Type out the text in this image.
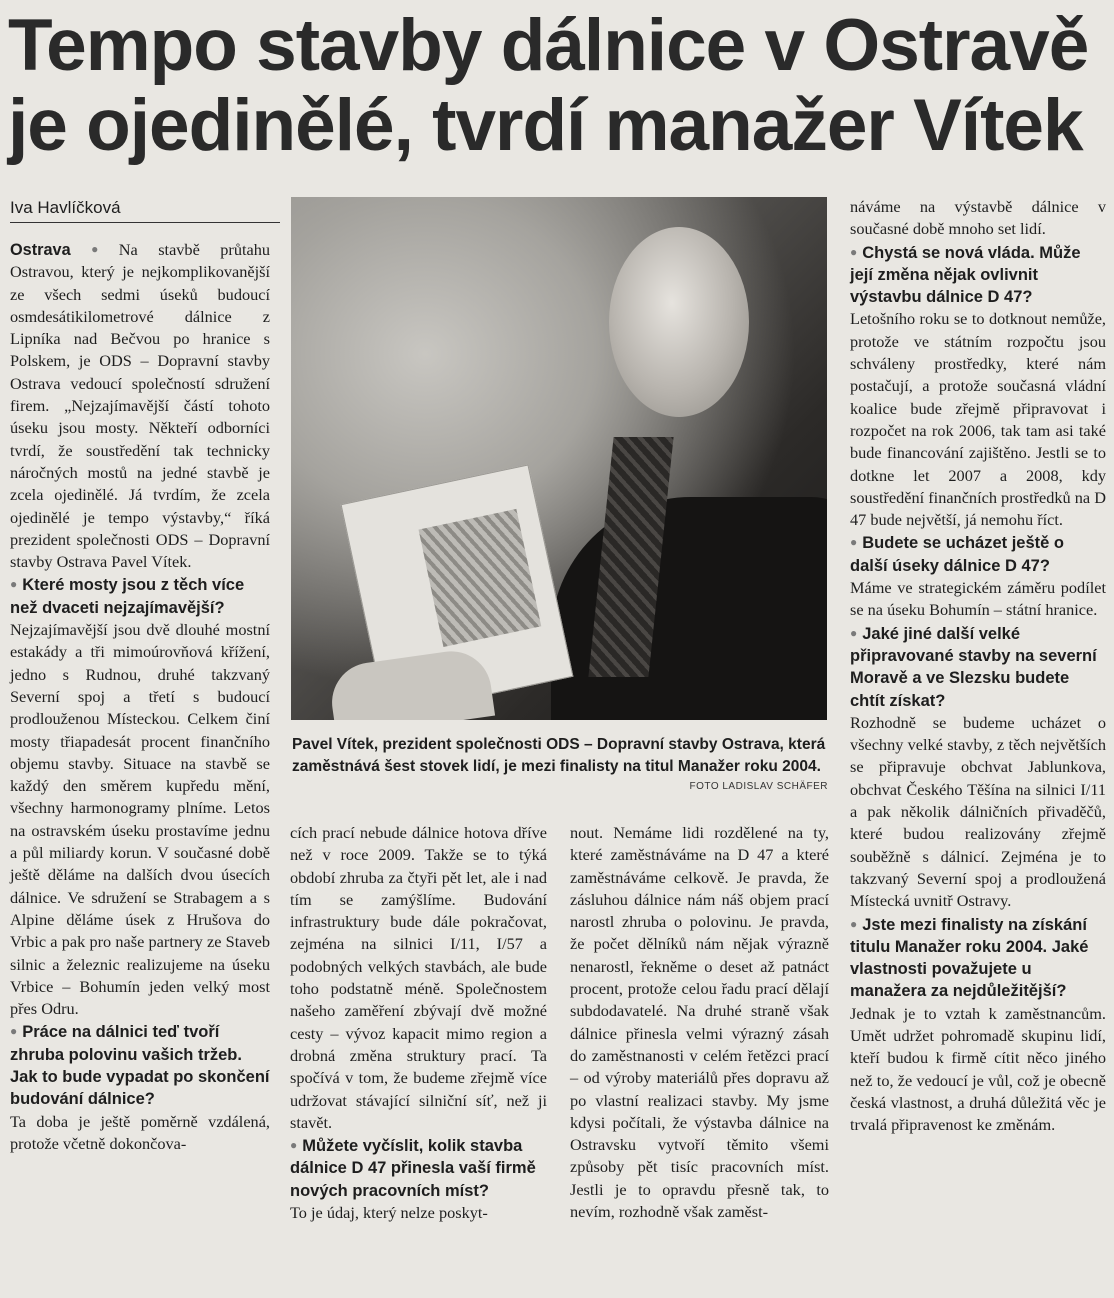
Tempo stavby dálnice v Ostravě
je ojedinělé, tvrdí manažer Vítek
Iva Havlíčková

Ostrava ● Na stavbě průtahu Ostravou, který je nejkomplikovanější ze všech sedmi úseků budoucí osmdesátikilometrové dálnice z Lipníka nad Bečvou po hranice s Polskem, je ODS – Dopravní stavby Ostrava vedoucí společností sdružení firem. „Nejzajímavější částí tohoto úseku jsou mosty. Někteří odborníci tvrdí, že soustředění tak technicky náročných mostů na jedné stavbě je zcela ojedinělé. Já tvrdím, že zcela ojedinělé je tempo výstavby,“ říká prezident společnosti ODS – Dopravní stavby Ostrava Pavel Vítek.

● Které mosty jsou z těch více než dvaceti nejzajímavější?

Nejzajímavější jsou dvě dlouhé mostní estakády a tři mimoúrovňová křížení, jedno s Rudnou, druhé takzvaný Severní spoj a třetí s budoucí prodlouženou Místeckou. Celkem činí mosty třiapadesát procent finančního objemu stavby. Situace na stavbě se každý den směrem kupředu mění, všechny harmonogramy plníme. Letos na ostravském úseku prostavíme jednu a půl miliardy korun. V současné době ještě děláme na dalších dvou úsecích dálnice. Ve sdružení se Strabagem a s Alpine děláme úsek z Hrušova do Vrbic a pak pro naše partnery ze Staveb silnic a železnic realizujeme na úseku Vrbice – Bohumín jeden velký most přes Odru.

● Práce na dálnici teď tvoří zhruba polovinu vašich tržeb. Jak to bude vypadat po skončení budování dálnice?

Ta doba je ještě poměrně vzdálená, protože včetně dokončova-

Pavel Vítek, prezident společnosti ODS – Dopravní stavby Ostrava, která zaměstnává šest stovek lidí, je mezi finalisty na titul Manažer roku 2004.
FOTO LADISLAV SCHÄFER

cích prací nebude dálnice hotova dříve než v roce 2009. Takže se to týká období zhruba za čtyři pět let, ale i nad tím se zamýšlíme. Budování infrastruktury bude dále pokračovat, zejména na silnici I/11, I/57 a podobných velkých stavbách, ale bude toho podstatně méně. Společnostem našeho zaměření zbývají dvě možné cesty – vývoz kapacit mimo region a drobná změna struktury prací. Ta spočívá v tom, že budeme zřejmě více udržovat stávající silniční síť, než ji stavět.

● Můžete vyčíslit, kolik stavba dálnice D 47 přinesla vaší firmě nových pracovních míst?

To je údaj, který nelze poskyt-

nout. Nemáme lidi rozdělené na ty, které zaměstnáváme na D 47 a které zaměstnáváme celkově. Je pravda, že zásluhou dálnice nám náš objem prací narostl zhruba o polovinu. Je pravda, že počet dělníků nám nějak výrazně nenarostl, řekněme o deset až patnáct procent, protože celou řadu prací dělají subdodavatelé. Na druhé straně však dálnice přinesla velmi výrazný zásah do zaměstnanosti v celém řetězci prací – od výroby materiálů přes dopravu až po vlastní realizaci stavby. My jsme kdysi počítali, že výstavba dálnice na Ostravsku vytvoří těmito všemi způsoby pět tisíc pracovních míst. Jestli je to opravdu přesně tak, to nevím, rozhodně však zaměst-

náváme na výstavbě dálnice v současné době mnoho set lidí.

● Chystá se nová vláda. Může její změna nějak ovlivnit výstavbu dálnice D 47?

Letošního roku se to dotknout nemůže, protože ve státním rozpočtu jsou schváleny prostředky, které nám postačují, a protože současná vládní koalice bude zřejmě připravovat i rozpočet na rok 2006, tak tam asi také bude financování zajištěno. Jestli se to dotkne let 2007 a 2008, kdy soustředění finančních prostředků na D 47 bude největší, já nemohu říct.

● Budete se ucházet ještě o další úseky dálnice D 47?

Máme ve strategickém záměru podílet se na úseku Bohumín – státní hranice.

● Jaké jiné další velké připravované stavby na severní Moravě a ve Slezsku budete chtít získat?

Rozhodně se budeme ucházet o všechny velké stavby, z těch největších se připravuje obchvat Jablunkova, obchvat Českého Těšína na silnici I/11 a pak několik dálničních přivaděčů, které budou realizovány zřejmě souběžně s dálnicí. Zejména je to takzvaný Severní spoj a prodloužená Místecká uvnitř Ostravy.

● Jste mezi finalisty na získání titulu Manažer roku 2004. Jaké vlastnosti považujete u manažera za nejdůležitější?

Jednak je to vztah k zaměstnancům. Umět udržet pohromadě skupinu lidí, kteří budou k firmě cítit něco jiného než to, že vedoucí je vůl, což je obecně česká vlastnost, a druhá důležitá věc je trvalá připravenost ke změnám.
